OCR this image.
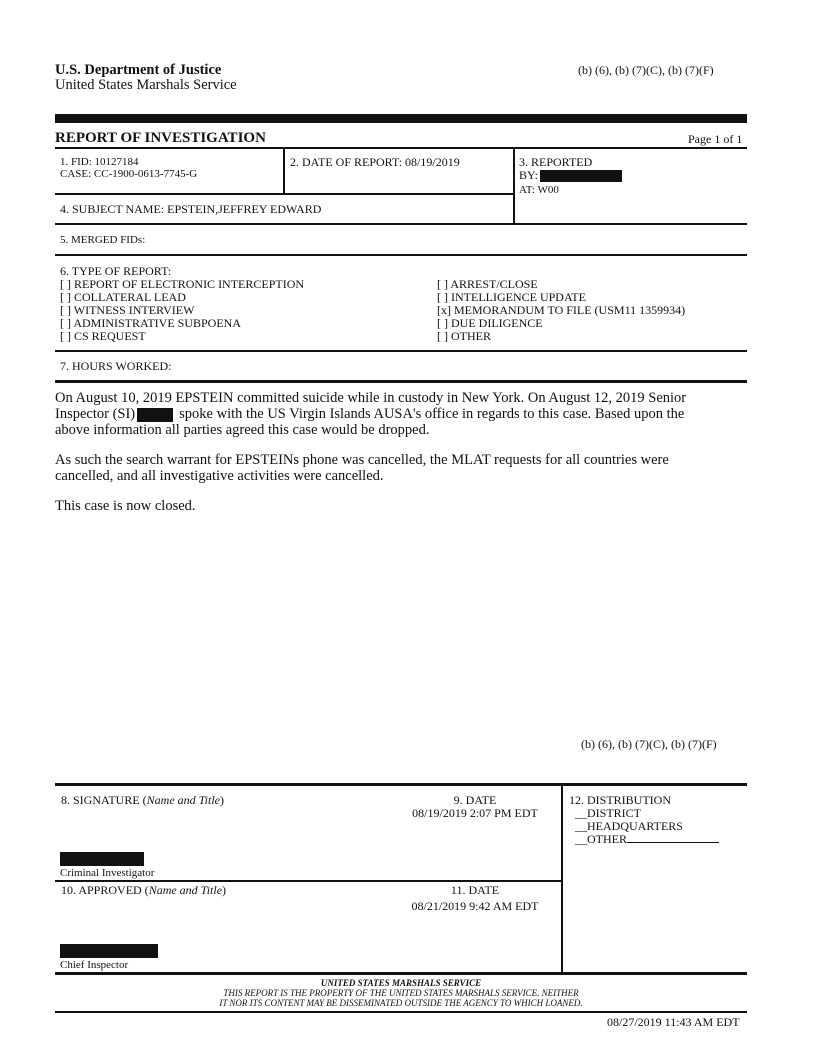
U.S. Department of Justice
United States Marshals Service
(b) (6), (b) (7)(C), (b) (7)(F)
REPORT OF INVESTIGATION	Page 1 of 1
1. FID: 10127184
CASE: CC-1900-0613-7745-G
2. DATE OF REPORT: 08/19/2019	3. REPORTED
BY:
AT: W00
4. SUBJECT NAME: EPSTEIN,JEFFREY EDWARD
5. MERGED FIDs:
6. TYPE OF REPORT:
[ ] REPORT OF ELECTRONIC INTERCEPTION
[ ] COLLATERAL LEAD
[ ] WITNESS INTERVIEW
[ ] ADMINISTRATIVE SUBPOENA
[ ] CS REQUEST
[ ] ARREST/CLOSE
[ ] INTELLIGENCE UPDATE
[x] MEMORANDUM TO FILE (USM11 1359934)
[ ] DUE DILIGENCE
[ ] OTHER
7. HOURS WORKED:
On August 10, 2019 EPSTEIN committed suicide while in custody in New York. On August 12, 2019 Senior
Inspector (SI)	spoke with the US Virgin Islands AUSA's office in regards to this case. Based upon the
above information all parties agreed this case would be dropped.
As such the search warrant for EPSTEINs phone was cancelled, the MLAT requests for all countries were
cancelled, and all investigative activities were cancelled.
This case is now closed.
(b) (6), (b) (7)(C), (b) (7)(F)
8. SIGNATURE (Name and Title)	9. DATE
08/19/2019 2:07 PM EDT
12. DISTRIBUTION
__DISTRICT
__HEADQUARTERS
__OTHER
Criminal Investigator
10. APPROVED (Name and Title)	11. DATE
08/21/2019 9:42 AM EDT
Chief Inspector
UNITED STATES MARSHALS SERVICE
THIS REPORT IS THE PROPERTY OF THE UNITED STATES MARSHALS SERVICE. NEITHER
IT NOR ITS CONTENT MAY BE DISSEMINATED OUTSIDE THE AGENCY TO WHICH LOANED.
08/27/2019 11:43 AM EDT
